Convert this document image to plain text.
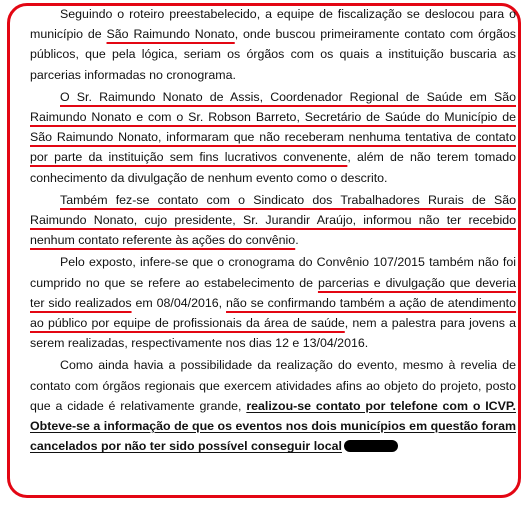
Seguindo o roteiro preestabelecido, a equipe de fiscalização se deslocou para o município de São Raimundo Nonato, onde buscou primeiramente contato com órgãos públicos, que pela lógica, seriam os órgãos com os quais a instituição buscaria as parcerias informadas no cronograma.

O Sr. Raimundo Nonato de Assis, Coordenador Regional de Saúde em São Raimundo Nonato e com o Sr. Robson Barreto, Secretário de Saúde do Município de São Raimundo Nonato, informaram que não receberam nenhuma tentativa de contato por parte da instituição sem fins lucrativos convenente, além de não terem tomado conhecimento da divulgação de nenhum evento como o descrito.

Também fez-se contato com o Sindicato dos Trabalhadores Rurais de São Raimundo Nonato, cujo presidente, Sr. Jurandir Araújo, informou não ter recebido nenhum contato referente às ações do convênio.

Pelo exposto, infere-se que o cronograma do Convênio 107/2015 também não foi cumprido no que se refere ao estabelecimento de parcerias e divulgação que deveria ter sido realizados em 08/04/2016, não se confirmando também a ação de atendimento ao público por equipe de profissionais da área de saúde, nem a palestra para jovens a serem realizadas, respectivamente nos dias 12 e 13/04/2016.

Como ainda havia a possibilidade da realização do evento, mesmo à revelia de contato com órgãos regionais que exercem atividades afins ao objeto do projeto, posto que a cidade é relativamente grande, realizou-se contato por telefone com o ICVP. Obteve-se a informação de que os eventos nos dois municípios em questão foram cancelados por não ter sido possível conseguir local
